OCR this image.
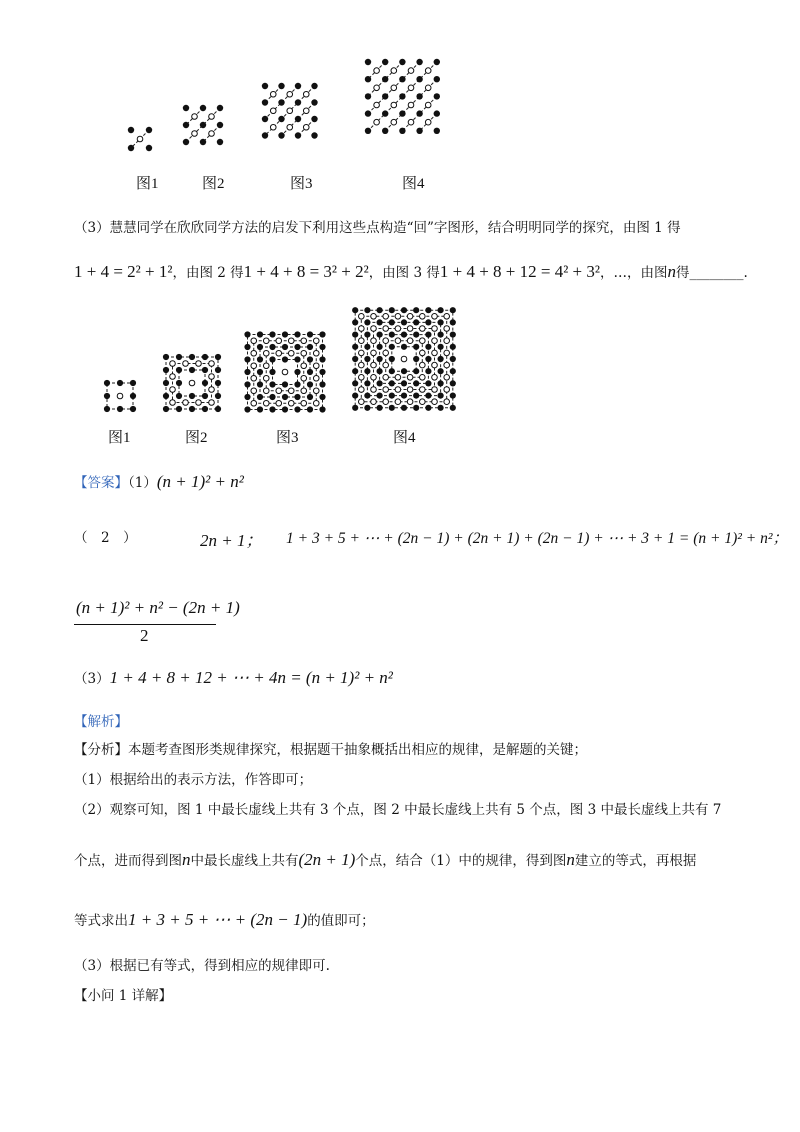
图1	图2	图3	图4
（3）慧慧同学在欣欣同学方法的启发下利用这些点构造“回”字图形，结合明明同学的探究，由图 1 得
1 + 4 = 2² + 1²，由图 2 得1 + 4 + 8 = 3² + 2²，由图 3 得1 + 4 + 8 + 12 = 4² + 3²，…，由图n得________.
图1	图2	图3	图4
【答案】（1）(n + 1)² + n²
（　2　）	2n + 1； 1 + 3 + 5 + ⋯ + (2n − 1) + (2n + 1) + (2n − 1) + ⋯ + 3 + 1 = (n + 1)² + n²；
(n + 1)² + n² − (2n + 1)
2
（3）1 + 4 + 8 + 12 + ⋯ + 4n = (n + 1)² + n²
【解析】
【分析】本题考查图形类规律探究，根据题干抽象概括出相应的规律，是解题的关键；
（1）根据给出的表示方法，作答即可；
（2）观察可知，图 1 中最长虚线上共有 3 个点，图 2 中最长虚线上共有 5 个点，图 3 中最长虚线上共有 7
个点，进而得到图n中最长虚线上共有(2n + 1)个点，结合（1）中的规律，得到图n建立的等式，再根据
等式求出1 + 3 + 5 + ⋯ + (2n − 1)的值即可；
（3）根据已有等式，得到相应的规律即可.
【小问 1 详解】
